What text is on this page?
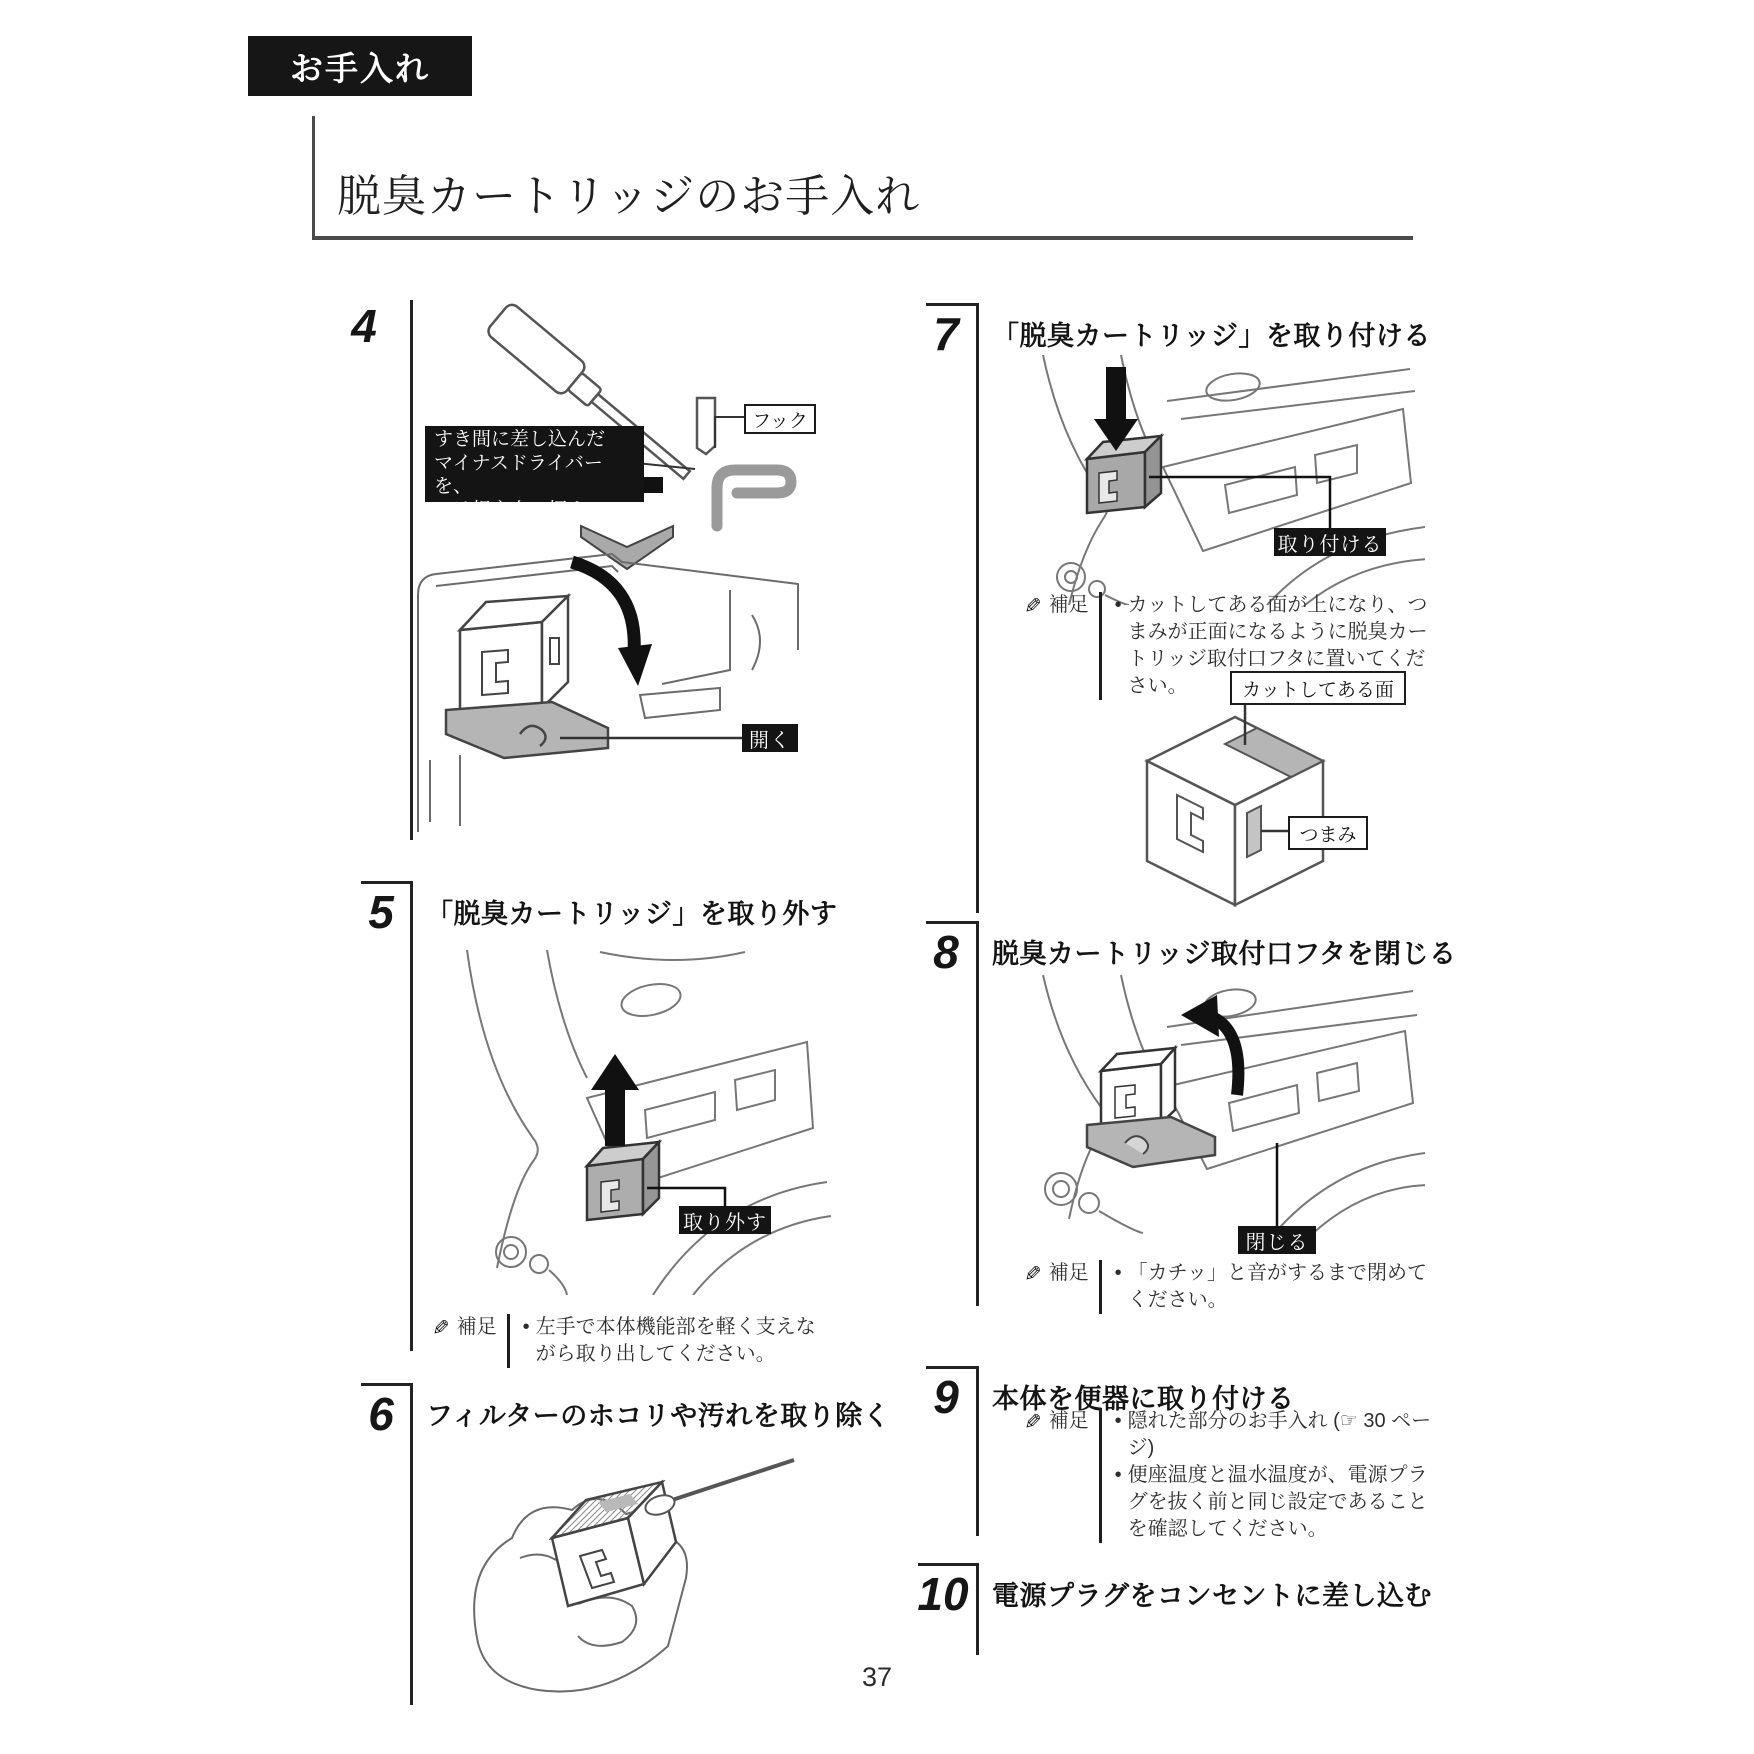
お手入れ
脱臭カートリッジのお手入れ
4
フック
すき間に差し込んだ
マイナスドライバーを、
つけ根方向に押す
開く
5	「脱臭カートリッジ」を取り外す
取り外す
✎ 補足 • 左手で本体機能部を軽く支えながら取り出してください。
6	フィルターのホコリや汚れを取り除く
7	「脱臭カートリッジ」を取り付ける
取り付ける
✎ 補足 • カットしてある面が上になり、つまみが正面になるように脱臭カートリッジ取付口フタに置いてください。	カットしてある面
つまみ
8	脱臭カートリッジ取付口フタを閉じる
閉じる
✎ 補足 • 「カチッ」と音がするまで閉めてください。
9	本体を便器に取り付ける
✎ 補足 • 隠れた部分のお手入れ (☞ 30 ページ)
• 便座温度と温水温度が、電源プラグを抜く前と同じ設定であることを確認してください。
10 電源プラグをコンセントに差し込む
37
